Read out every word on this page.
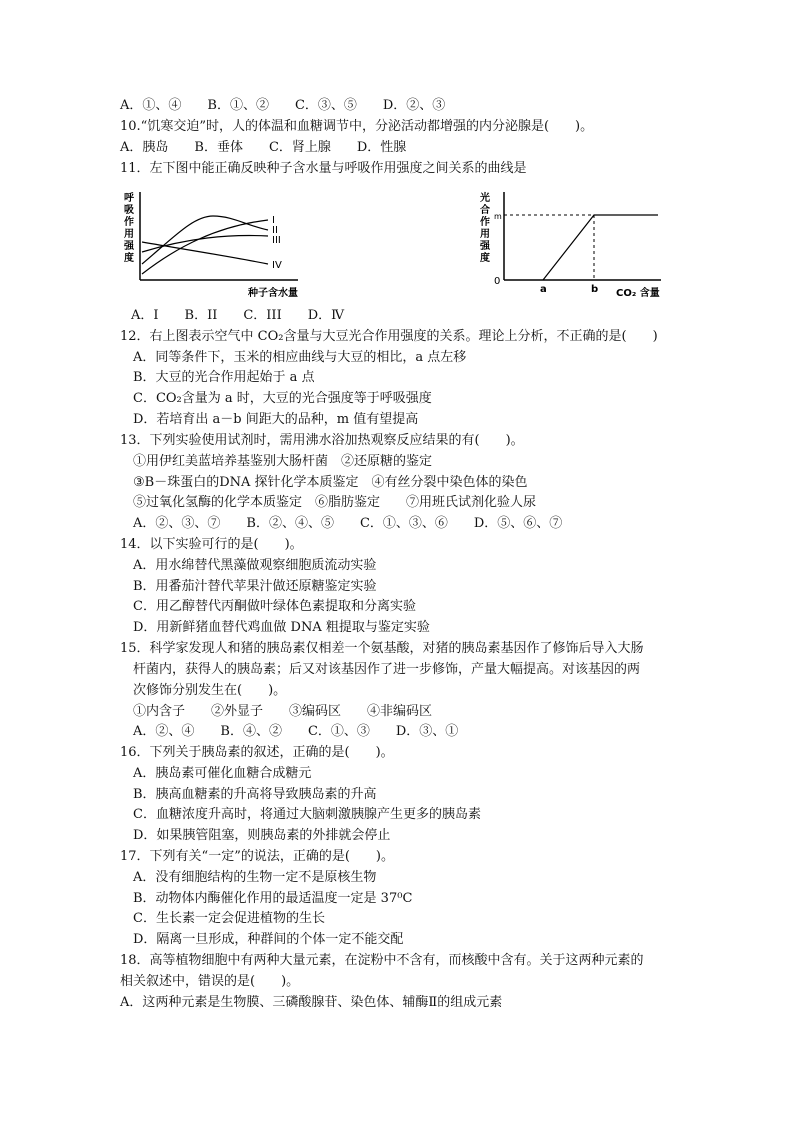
A．①、④　　B．①、②　　C．③、⑤　　D．②、③
10.“饥寒交迫”时，人的体温和血糖调节中，分泌活动都增强的内分泌腺是(　　)。
A．胰岛　　B．垂体　　C．肾上腺　　D．性腺
11．左下图中能正确反映种子含水量与呼吸作用强度之间关系的曲线是
呼
吸
作
用
强
度
I
II
III
IV
种子含水量
光
合
作
用
强
度
0
m
a	b CO₂ 含量
A．I　　B．II　　C．III　　D．Ⅳ
12．右上图表示空气中 CO₂含量与大豆光合作用强度的关系。理论上分析，不正确的是(　　)
A．同等条件下，玉米的相应曲线与大豆的相比，a 点左移
B．大豆的光合作用起始于 a 点
C．CO₂含量为 a 时，大豆的光合强度等于呼吸强度
D．若培育出 a－b 间距大的品种，m 值有望提高
13．下列实验使用试剂时，需用沸水浴加热观察反应结果的有(　　)。
①用伊红美蓝培养基鉴别大肠杆菌　②还原糖的鉴定
③B－珠蛋白的DNA 探针化学本质鉴定　④有丝分裂中染色体的染色
⑤过氧化氢酶的化学本质鉴定　⑥脂肪鉴定　　⑦用班氏试剂化验人尿
A．②、③、⑦　　B．②、④、⑤　　C．①、③、⑥　　D．⑤、⑥、⑦
14．以下实验可行的是(　　)。
A．用水绵替代黑藻做观察细胞质流动实验
B．用番茄汁替代苹果汁做还原糖鉴定实验
C．用乙醇替代丙酮做叶绿体色素提取和分离实验
D．用新鲜猪血替代鸡血做 DNA 粗提取与鉴定实验
15．科学家发现人和猪的胰岛素仅相差一个氨基酸，对猪的胰岛素基因作了修饰后导入大肠
杆菌内，获得人的胰岛素；后又对该基因作了进一步修饰，产量大幅提高。对该基因的两
次修饰分别发生在(　　)。
①内含子　　②外显子　　③编码区　　④非编码区
A．②、④　　B．④、②　　C．①、③　　D．③、①
16．下列关于胰岛素的叙述，正确的是(　　)。
A．胰岛素可催化血糖合成糖元
B．胰高血糖素的升高将导致胰岛素的升高
C．血糖浓度升高时，将通过大脑刺激胰腺产生更多的胰岛素
D．如果胰管阻塞，则胰岛素的外排就会停止
17．下列有关“一定”的说法，正确的是(　　)。
A．没有细胞结构的生物一定不是原核生物
B．动物体内酶催化作用的最适温度一定是 37⁰C
C．生长素一定会促进植物的生长
D．隔离一旦形成，种群间的个体一定不能交配
18．高等植物细胞中有两种大量元素，在淀粉中不含有，而核酸中含有。关于这两种元素的
相关叙述中，错误的是(　　)。
A．这两种元素是生物膜、三磷酸腺苷、染色体、辅酶Ⅱ的组成元素
